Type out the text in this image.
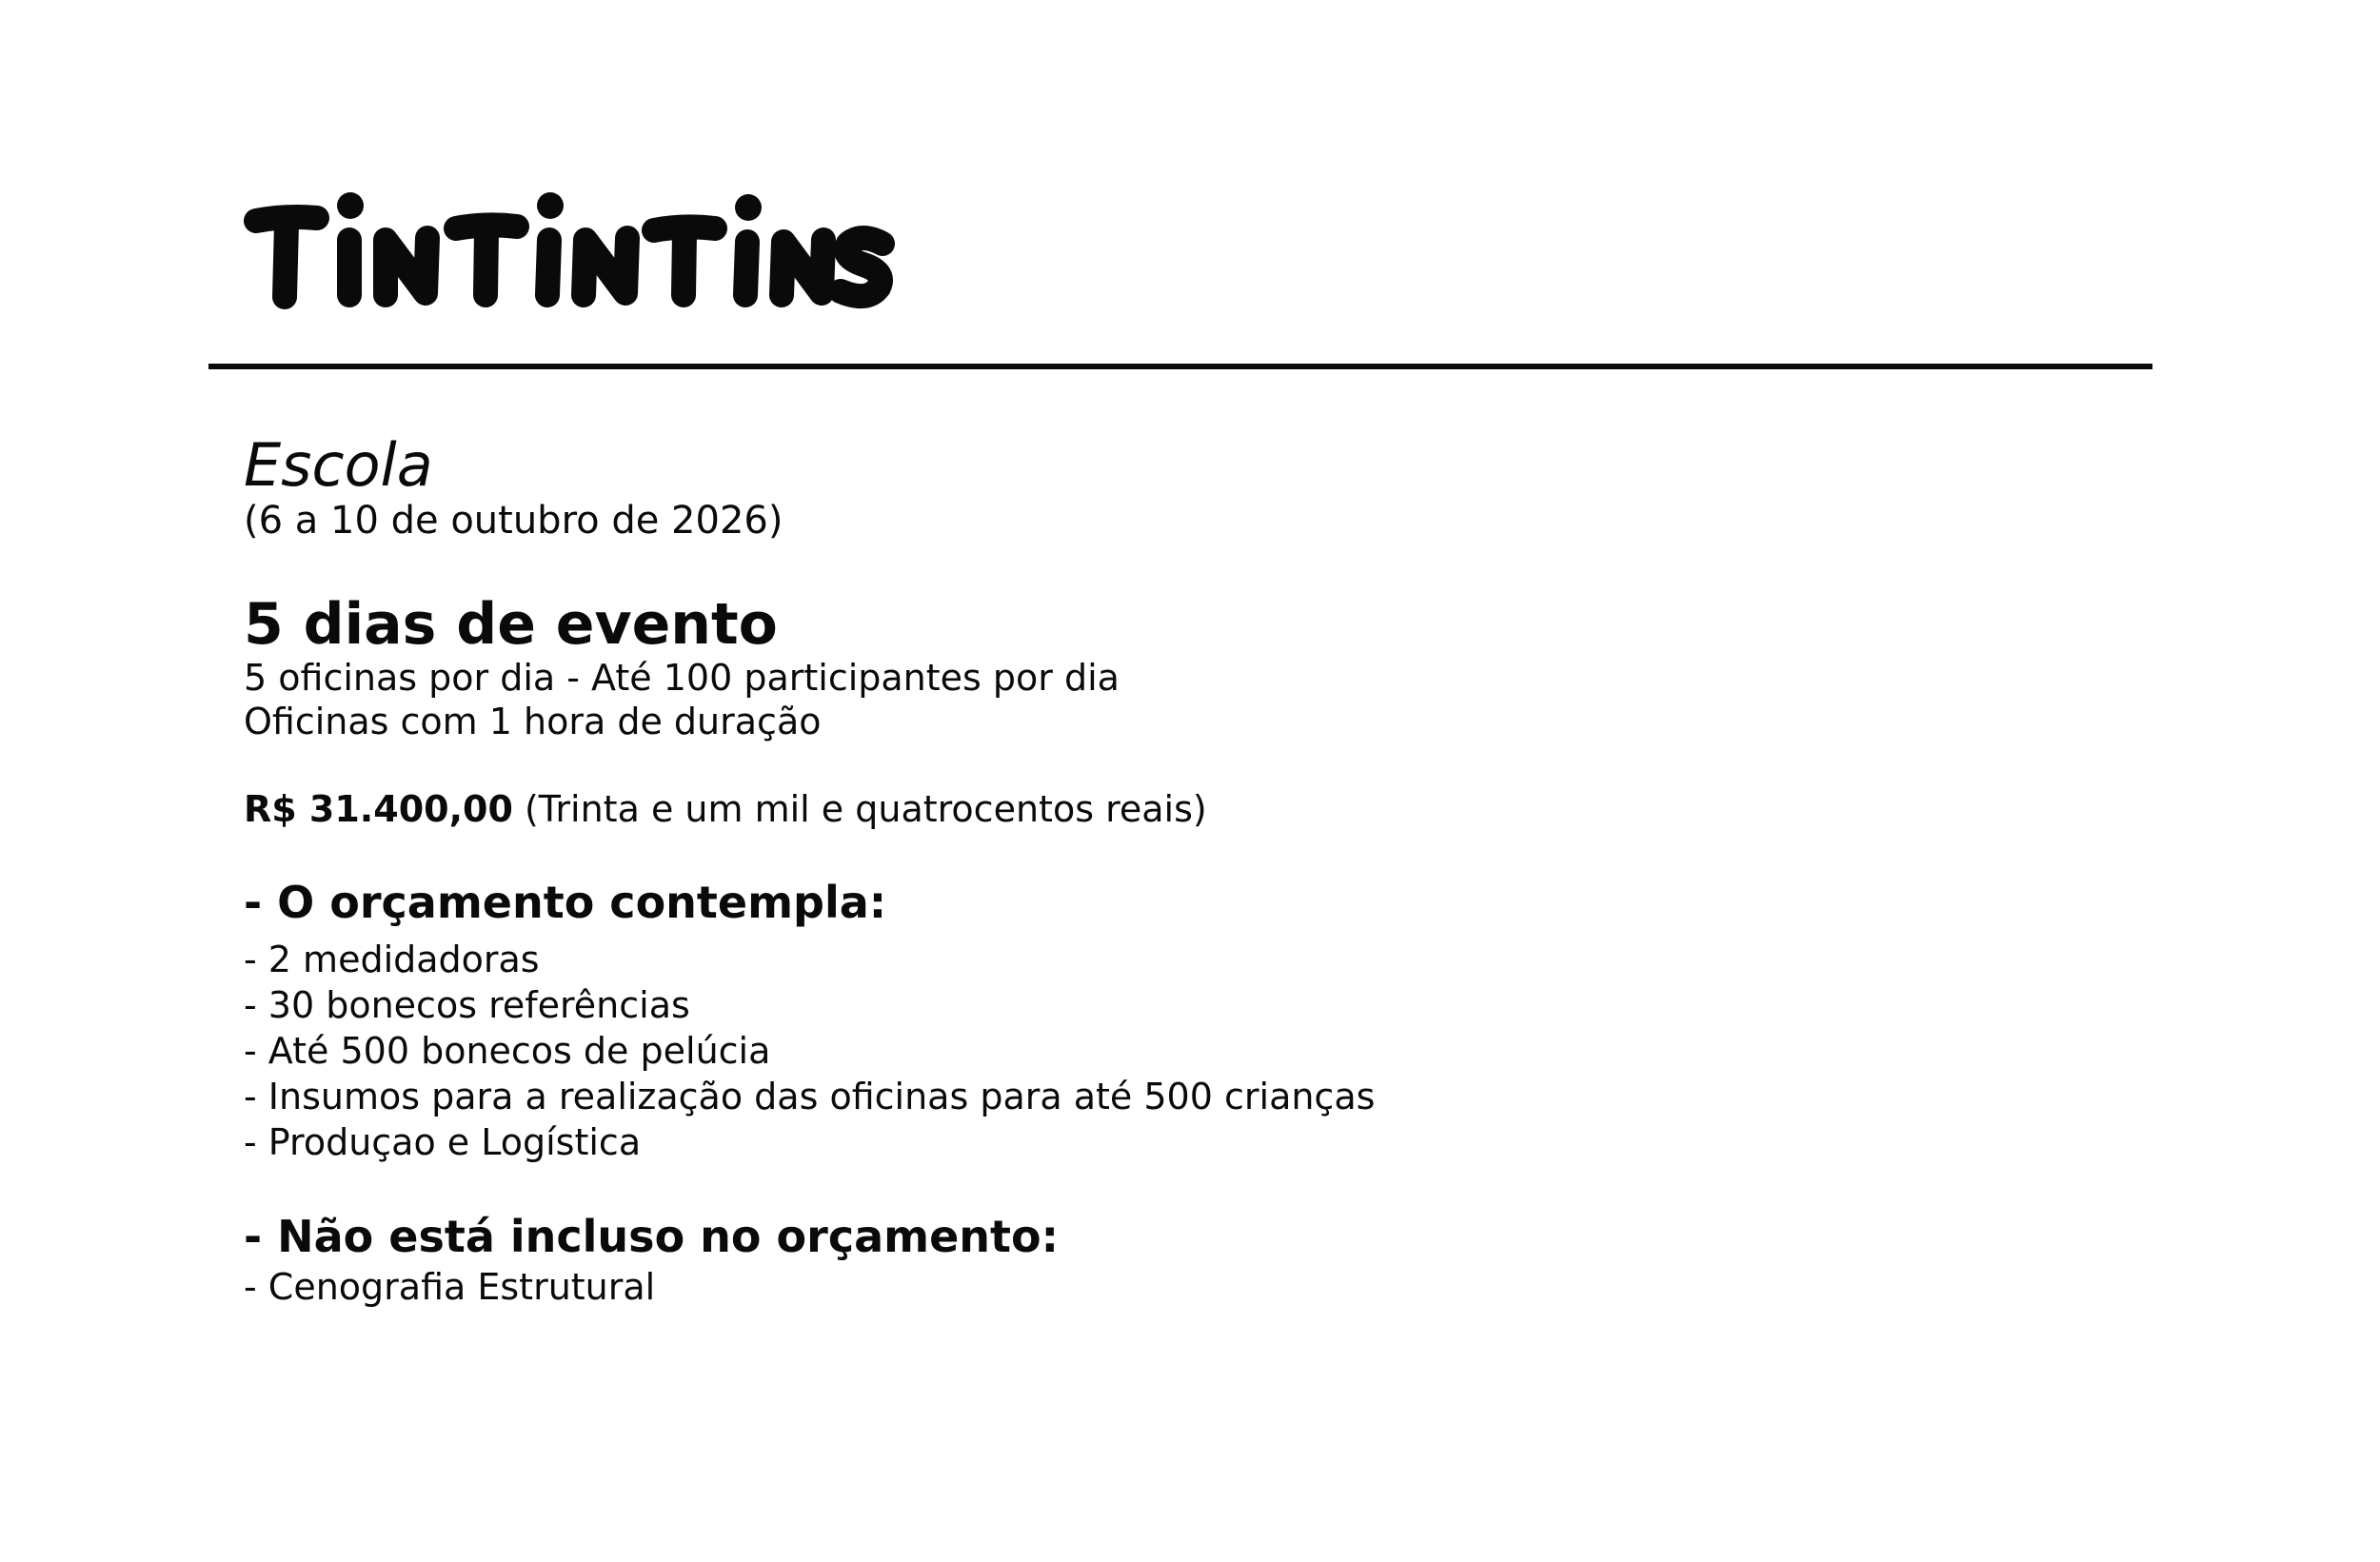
Escola

(6 a 10 de outubro de 2026)

5 dias de evento

5 oficinas por dia - Até 100 participantes por dia

Oficinas com 1 hora de duração

R$ 31.400,00 (Trinta e um mil e quatrocentos reais)

- O orçamento contempla:
- 2 medidadoras
- 30 bonecos referências
- Até 500 bonecos de pelúcia
- Insumos para a realização das oficinas para até 500 crianças
- Produçao e Logística
- Não está incluso no orçamento:
- Cenografia Estrutural
